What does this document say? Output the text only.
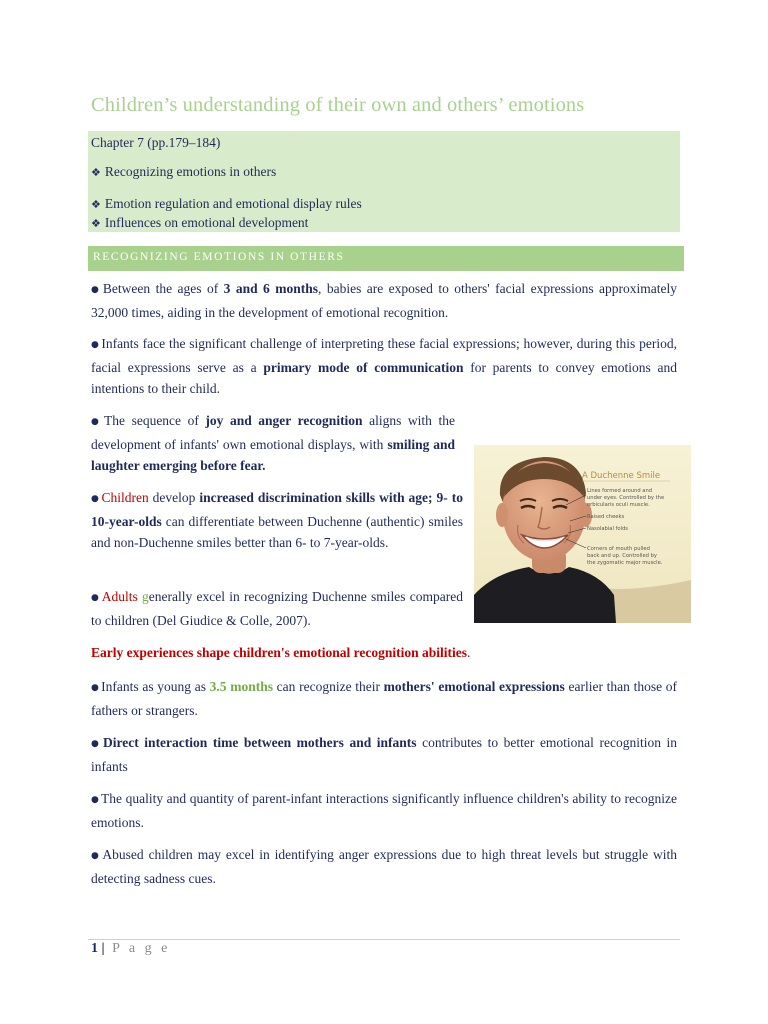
Children’s understanding of their own and others’ emotions
Chapter 7 (pp.179–184)
❖ Recognizing emotions in others
❖ Emotion regulation and emotional display rules
❖ Influences on emotional development
RECOGNIZING EMOTIONS IN OTHERS

● Between the ages of 3 and 6 months, babies are exposed to others' facial expressions approximately 32,000 times, aiding in the development of emotional recognition.

● Infants face the significant challenge of interpreting these facial expressions; however, during this period, facial expressions serve as a primary mode of communication for parents to convey emotions and intentions to their child.

● The sequence of joy and anger recognition aligns with the development of infants' own emotional displays, with smiling and laughter emerging before fear.

● Children develop increased discrimination skills with age; 9- to 10-year-olds can differentiate between Duchenne (authentic) smiles and non-Duchenne smiles better than 6- to 7-year-olds.

● Adults generally excel in recognizing Duchenne smiles compared to children (Del Giudice & Colle, 2007).

Early experiences shape children's emotional recognition abilities.

● Infants as young as 3.5 months can recognize their mothers' emotional expressions earlier than those of fathers or strangers.

● Direct interaction time between mothers and infants contributes to better emotional recognition in infants

● The quality and quantity of parent-infant interactions significantly influence children's ability to recognize emotions.

● Abused children may excel in identifying anger expressions due to high threat levels but struggle with detecting sadness cues.

A Duchenne Smile
Lines formed around and
under eyes. Controlled by the
orbicularis oculi muscle.
Raised cheeks
Nasolabial folds
Corners of mouth pulled
back and up. Controlled by
the zygomatic major muscle.
1 | P a g e
